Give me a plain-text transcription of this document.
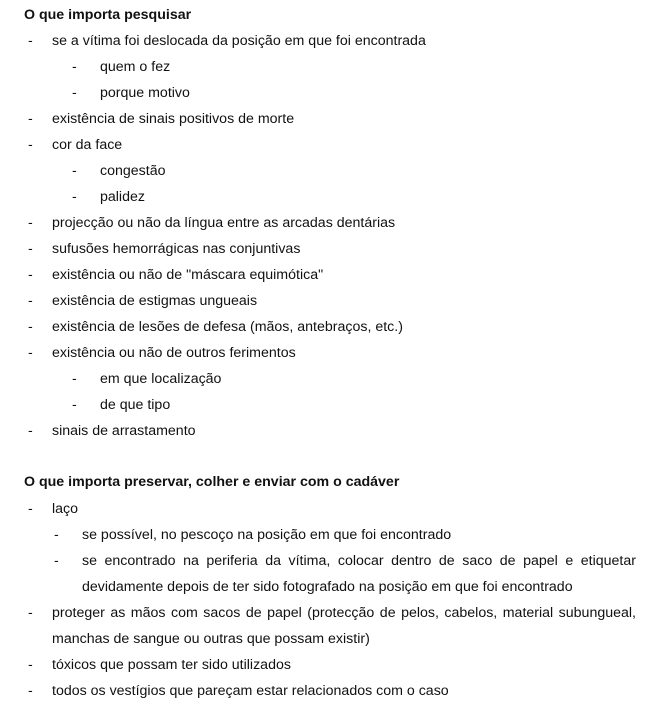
O que importa pesquisar
- se a vítima foi deslocada da posição em que foi encontrada
- quem o fez
- porque motivo
- existência de sinais positivos de morte
- cor da face
- congestão
- palidez
- projecção ou não da língua entre as arcadas dentárias
- sufusões hemorrágicas nas conjuntivas
- existência ou não de "máscara equimótica"
- existência de estigmas ungueais
- existência de lesões de defesa (mãos, antebraços, etc.)
- existência ou não de outros ferimentos
- em que localização
- de que tipo
- sinais de arrastamento
O que importa preservar, colher e enviar com o cadáver
- laço
- se possível, no pescoço na posição em que foi encontrado
- se encontrado na periferia da vítima, colocar dentro de saco de papel e etiquetar devidamente depois de ter sido fotografado na posição em que foi encontrado
- proteger as mãos com sacos de papel (protecção de pelos, cabelos, material subungueal, manchas de sangue ou outras que possam existir)
- tóxicos que possam ter sido utilizados
- todos os vestígios que pareçam estar relacionados com o caso
